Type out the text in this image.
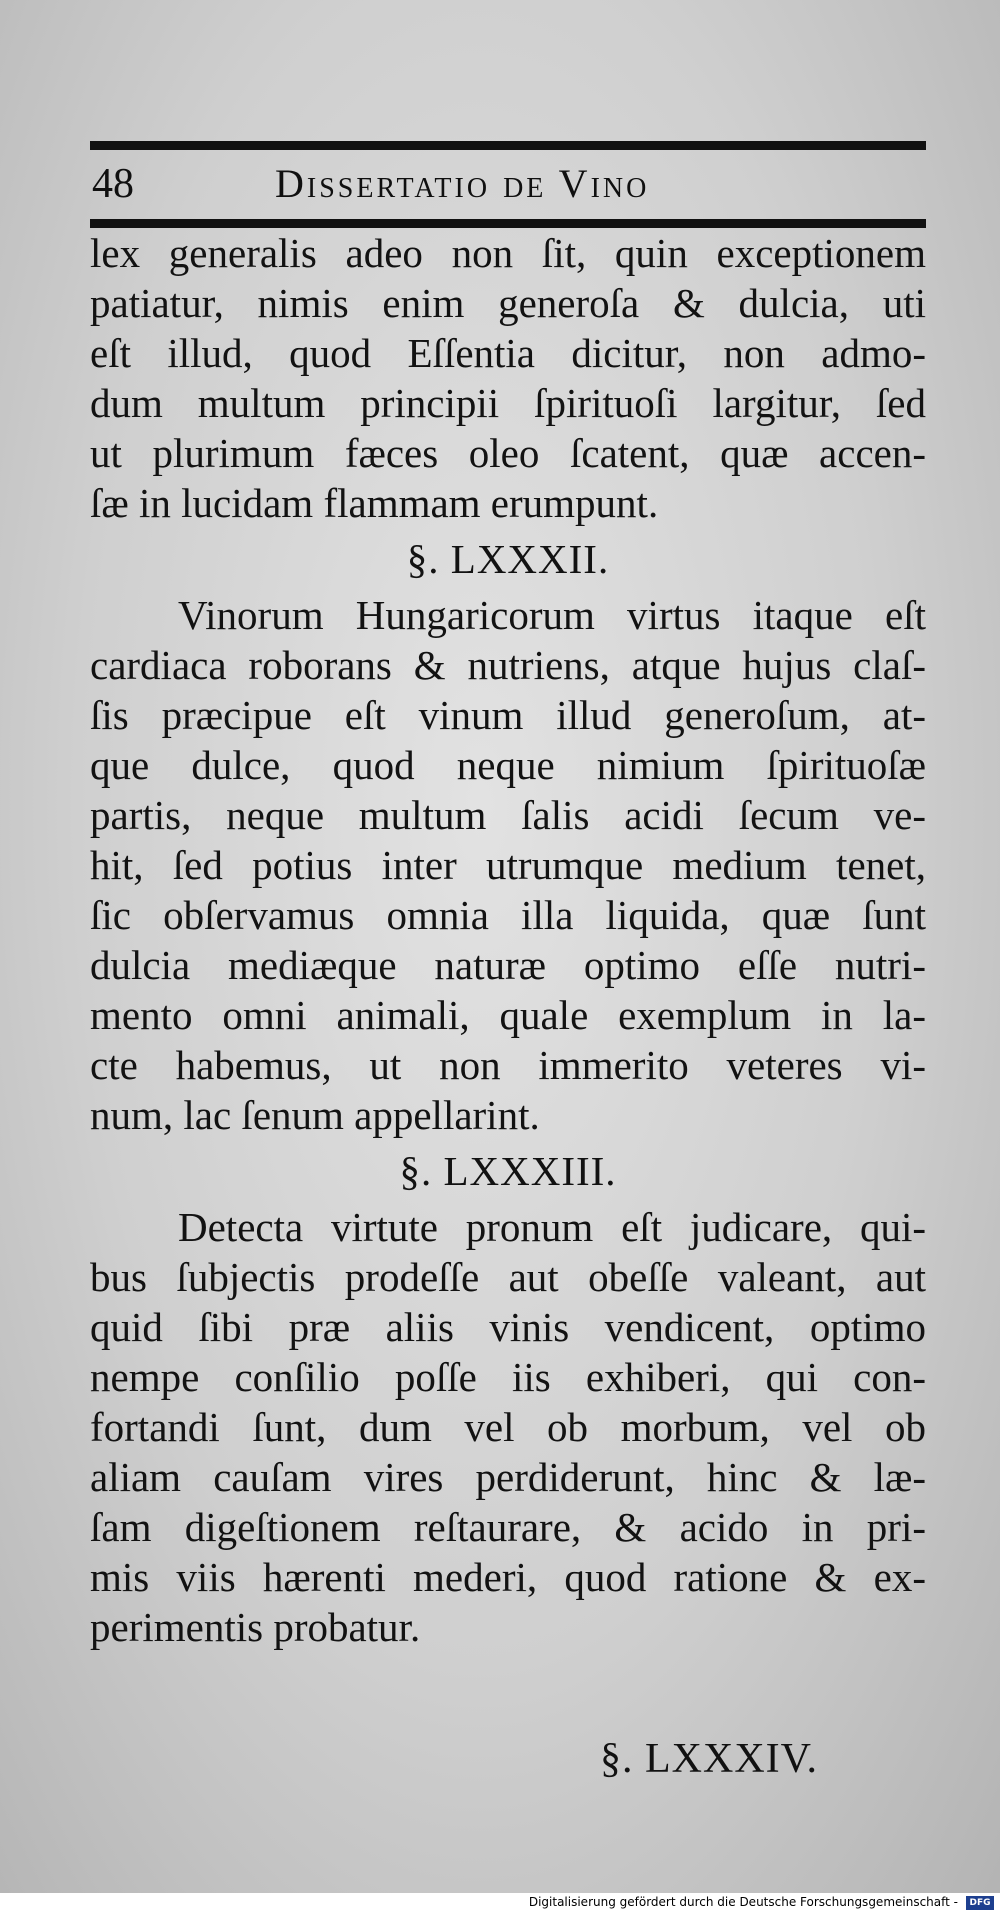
48	Dissertatio de Vino
lex generalis adeo non ſit, quin exceptionem
patiatur, nimis enim generoſa & dulcia, uti
eſt illud, quod Eſſentia dicitur, non admo-
dum multum principii ſpirituoſi largitur, ſed
ut plurimum fæces oleo ſcatent, quæ accen-
ſæ in lucidam flammam erumpunt.
§. LXXXII.
Vinorum Hungaricorum virtus itaque eſt
cardiaca roborans & nutriens, atque hujus claſ-
ſis præcipue eſt vinum illud generoſum, at-
que dulce, quod neque nimium ſpirituoſæ
partis, neque multum ſalis acidi ſecum ve-
hit, ſed potius inter utrumque medium tenet,
ſic obſervamus omnia illa liquida, quæ ſunt
dulcia mediæque naturæ optimo eſſe nutri-
mento omni animali, quale exemplum in la-
cte habemus, ut non immerito veteres vi-
num, lac ſenum appellarint.
§. LXXXIII.
Detecta virtute pronum eſt judicare, qui-
bus ſubjectis prodeſſe aut obeſſe valeant, aut
quid ſibi præ aliis vinis vendicent, optimo
nempe conſilio poſſe iis exhiberi, qui con-
fortandi ſunt, dum vel ob morbum, vel ob
aliam cauſam vires perdiderunt, hinc & læ-
ſam digeſtionem reſtaurare, & acido in pri-
mis viis hærenti mederi, quod ratione & ex-
perimentis probatur.
§. LXXXIV.
Digitalisierung gefördert durch die Deutsche Forschungsgemeinschaft -	DFG
